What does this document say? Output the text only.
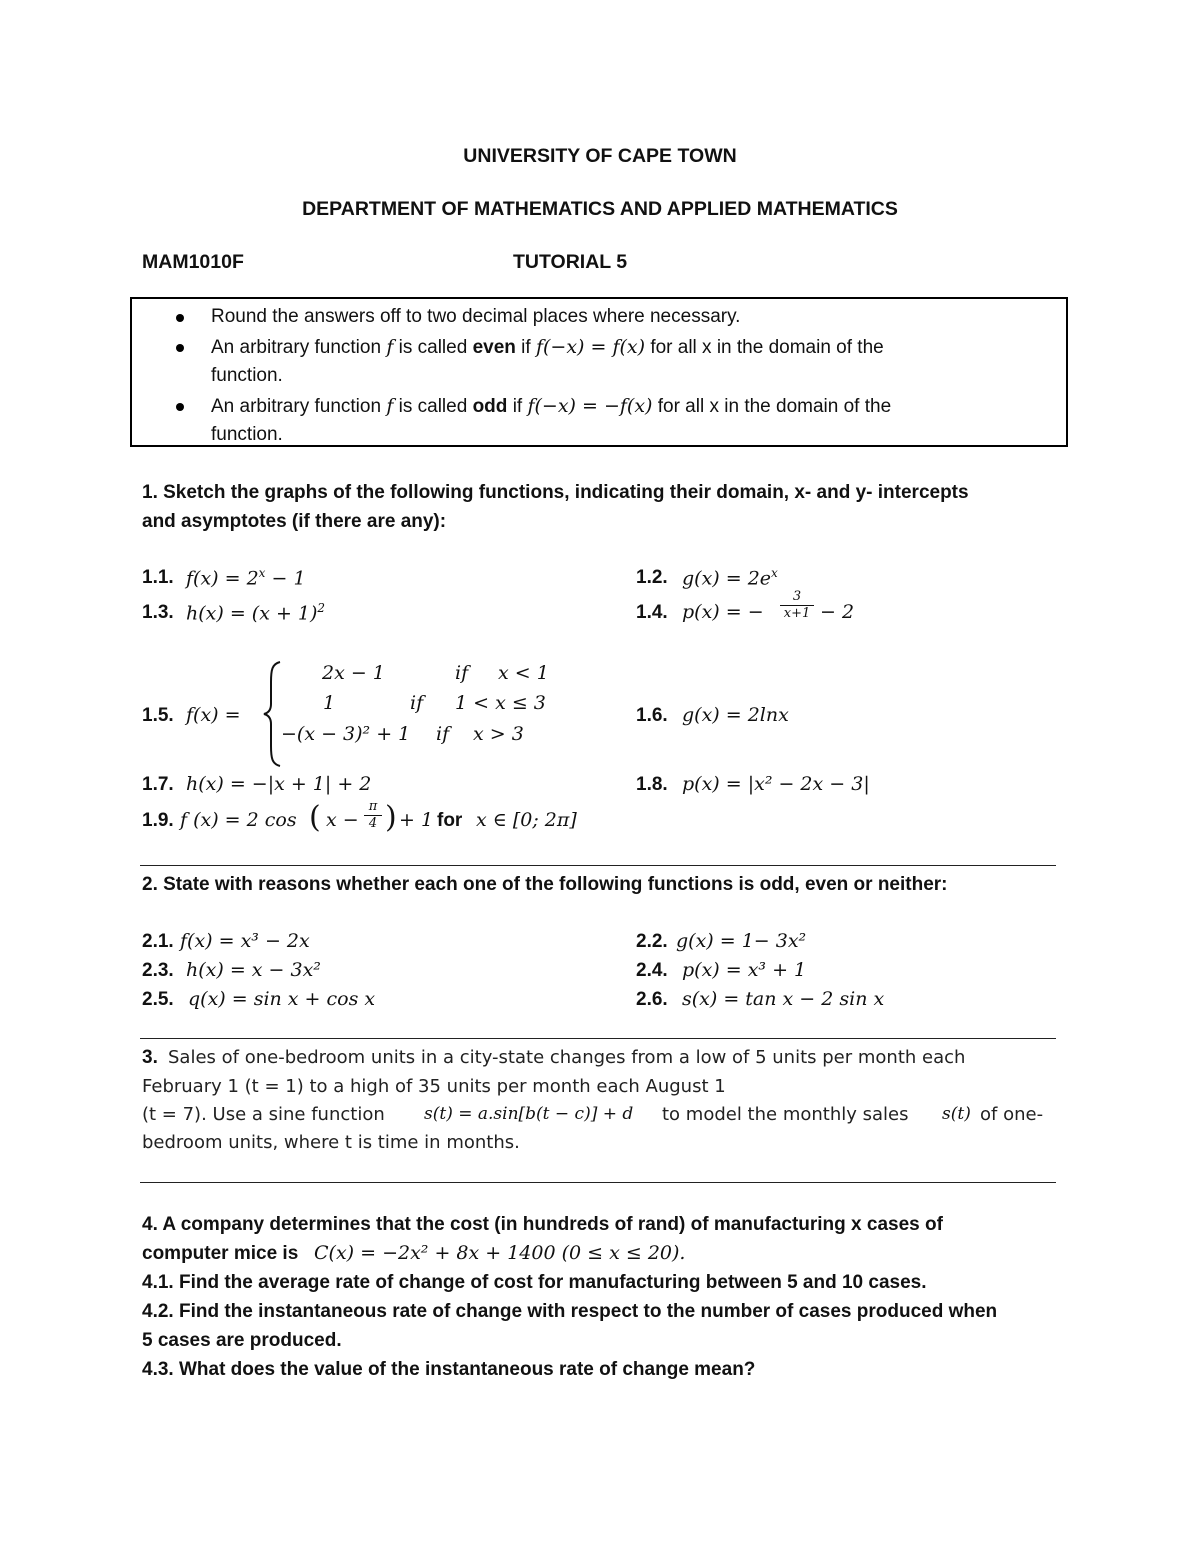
UNIVERSITY OF CAPE TOWN
DEPARTMENT OF MATHEMATICS AND APPLIED MATHEMATICS
MAM1010F	TUTORIAL 5
Round the answers off to two decimal places where necessary.
An arbitrary function f is called even if f(−x) = f(x) for all x in the domain of the
function.
An arbitrary function f is called odd if f(−x) = −f(x) for all x in the domain of the
function.
1. Sketch the graphs of the following functions, indicating their domain, x- and y- intercepts
and asymptotes (if there are any):
1.1. $f(x) = 2^x - 1$	1.2. $g(x) = 2e^x$
1.3. $h(x) = (x + 1)^2$	1.4. p(x) = −
3
x+1 − 2
1.5. f(x) =
2x − 1	if x < 1
1	if 1 < x ≤ 3
−(x − 3)² + 1 if x > 3
1.6. g(x) = 2lnx
1.7. h(x) = −|x + 1| + 2	1.8. p(x) = |x² − 2x − 3|
1.9. f (x) = 2 cos ( x −
π
4 ) + 1 for x ∈ [0; 2π]
2. State with reasons whether each one of the following functions is odd, even or neither:
2.1. f(x) = x³ − 2x	2.2. g(x) = 1− 3x²
2.3. h(x) = x − 3x²	2.4. p(x) = x³ + 1
2.5. q(x) = sin x + cos x	2.6. s(x) = tan x − 2 sin x
3. Sales of one-bedroom units in a city-state changes from a low of 5 units per month each
February 1 (t = 1) to a high of 35 units per month each August 1
(t = 7). Use a sine function s(t) = a.sin[b(t − c)] + d to model the monthly sales s(t) of one-
bedroom units, where t is time in months.
4. A company determines that the cost (in hundreds of rand) of manufacturing x cases of
computer mice is C(x) = −2x² + 8x + 1400 (0 ≤ x ≤ 20).
4.1. Find the average rate of change of cost for manufacturing between 5 and 10 cases.
4.2. Find the instantaneous rate of change with respect to the number of cases produced when
5 cases are produced.
4.3. What does the value of the instantaneous rate of change mean?
